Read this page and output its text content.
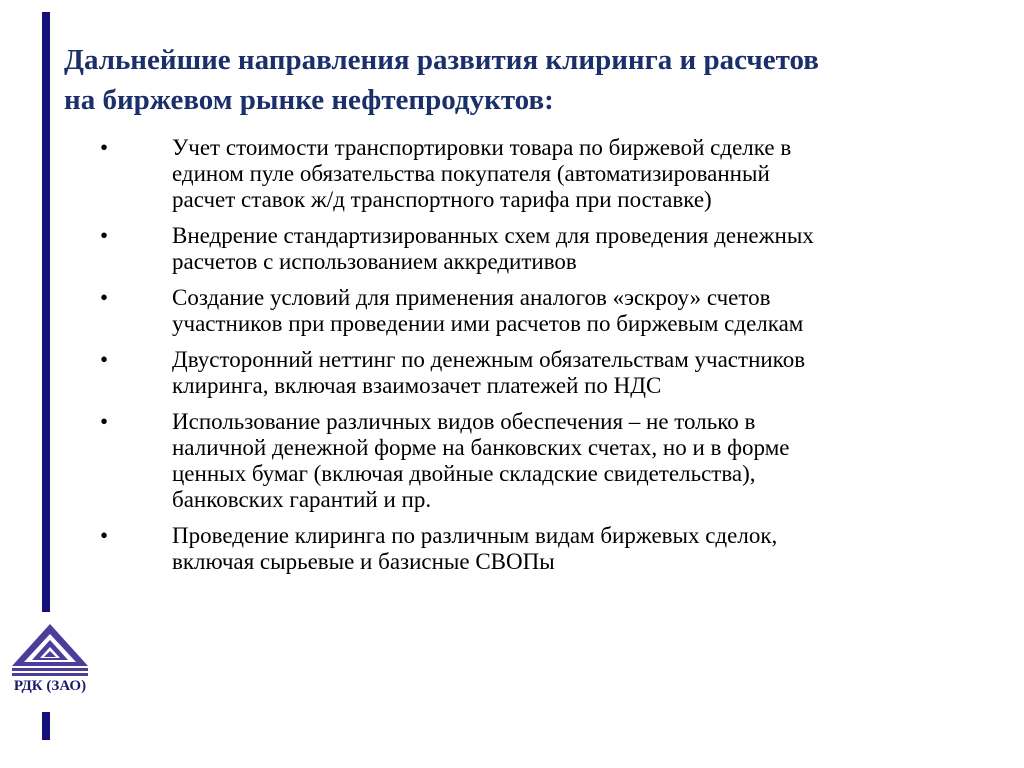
Дальнейшие направления развития клиринга и расчетов
на биржевом рынке нефтепродуктов:
•	Учет стоимости транспортировки товара по биржевой сделке в
едином пуле обязательства покупателя (автоматизированный
расчет ставок ж/д транспортного тарифа при поставке)
•	Внедрение стандартизированных схем для проведения денежных
расчетов с использованием аккредитивов
•	Создание условий для применения аналогов «эскроу» счетов
участников при проведении ими расчетов по биржевым сделкам
•	Двусторонний неттинг по денежным обязательствам участников
клиринга, включая взаимозачет платежей по НДС
•	Использование различных видов обеспечения – не только в
наличной денежной форме на банковских счетах, но и в форме
ценных бумаг (включая двойные складские свидетельства),
банковских гарантий и пр.
•	Проведение клиринга по различным видам биржевых сделок,
включая сырьевые и базисные СВОПы
РДК (ЗАО)
